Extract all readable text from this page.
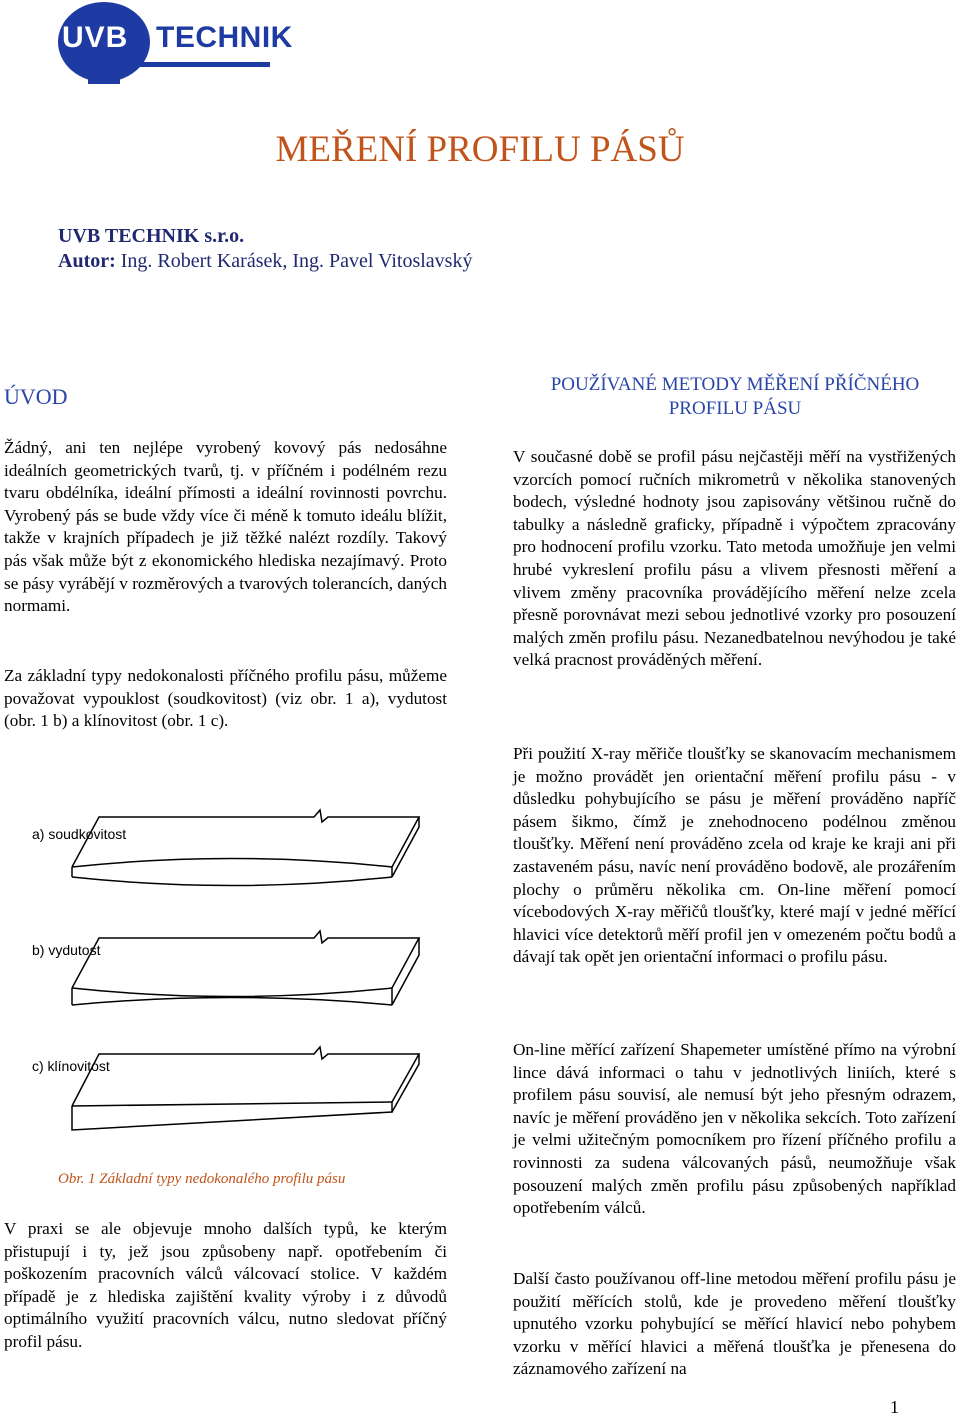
UVB TECHNIK
MEŘENÍ PROFILU PÁSŮ
UVB TECHNIK s.r.o.
Autor: Ing. Robert Karásek, Ing. Pavel Vitoslavský
ÚVOD
Žádný, ani ten nejlépe vyrobený kovový pás nedosáhne ideálních geometrických tvarů, tj. v příčném i podélném rezu tvaru obdélníka, ideální přímosti a ideální rovinnosti povrchu. Vyrobený pás se bude vždy více či méně k tomuto ideálu blížit, takže v krajních případech je již těžké nalézt rozdíly. Takový pás však může být z ekonomického hlediska nezajímavý. Proto se pásy vyrábějí v rozměrových a tvarových tolerancích, daných normami.
Za základní typy nedokonalosti příčného profilu pásu, můžeme považovat vypouklost (soudkovitost) (viz obr. 1 a), vydutost (obr. 1 b) a klínovitost (obr. 1 c).
a) soudkovitost
b) vydutost
c) klínovitost
Obr. 1 Základní typy nedokonalého profilu pásu
V praxi se ale objevuje mnoho dalších typů, ke kterým přistupují i ty, jež jsou způsobeny např. opotřebením či poškozením pracovních válců válcovací stolice. V každém případě je z hlediska zajištění kvality výroby i z důvodů optimálního využití pracovních válcu, nutno sledovat příčný profil pásu.
POUŽÍVANÉ METODY MĚŘENÍ PŘÍČNÉHO
PROFILU PÁSU
V současné době se profil pásu nejčastěji měří na vystřižených vzorcích pomocí ručních mikrometrů v několika stanovených bodech, výsledné hodnoty jsou zapisovány většinou ručně do tabulky a následně graficky, případně i výpočtem zpracovány pro hodnocení profilu vzorku. Tato metoda umožňuje jen velmi hrubé vykreslení profilu pásu a vlivem přesnosti měření a vlivem změny pracovníka provádějícího měření nelze zcela přesně porovnávat mezi sebou jednotlivé vzorky pro posouzení malých změn profilu pásu. Nezanedbatelnou nevýhodou je také velká pracnost prováděných měření.
Při použití X-ray měřiče tloušťky se skanovacím mechanismem je možno provádět jen orientační měření profilu pásu - v důsledku pohybujícího se pásu je měření prováděno napříč pásem šikmo, čímž je znehodnoceno podélnou změnou tloušťky. Měření není prováděno zcela od kraje ke kraji ani při zastaveném pásu, navíc není prováděno bodově, ale prozářením plochy o průměru několika cm. On-line měření pomocí vícebodových X-ray měřičů tloušťky, které mají v jedné měřící hlavici více detektorů měří profil jen v omezeném počtu bodů a dávají tak opět jen orientační informaci o profilu pásu.
On-line měřící zařízení Shapemeter umístěné přímo na výrobní lince dává informaci o tahu v jednotlivých liniích, které s profilem pásu souvisí, ale nemusí být jeho přesným odrazem, navíc je měření prováděno jen v několika sekcích. Toto zařízení je velmi užitečným pomocníkem pro řízení příčného profilu a rovinnosti za sudena válcovaných pásů, neumožňuje však posouzení malých změn profilu pásu způsobených například opotřebením válců.
Další často používanou off-line metodou měření profilu pásu je použití měřících stolů, kde je provedeno měření tloušťky upnutého vzorku pohybující se měřící hlavicí nebo pohybem vzorku v měřící hlavici a měřená tloušťka je přenesena do záznamového zařízení na
1
